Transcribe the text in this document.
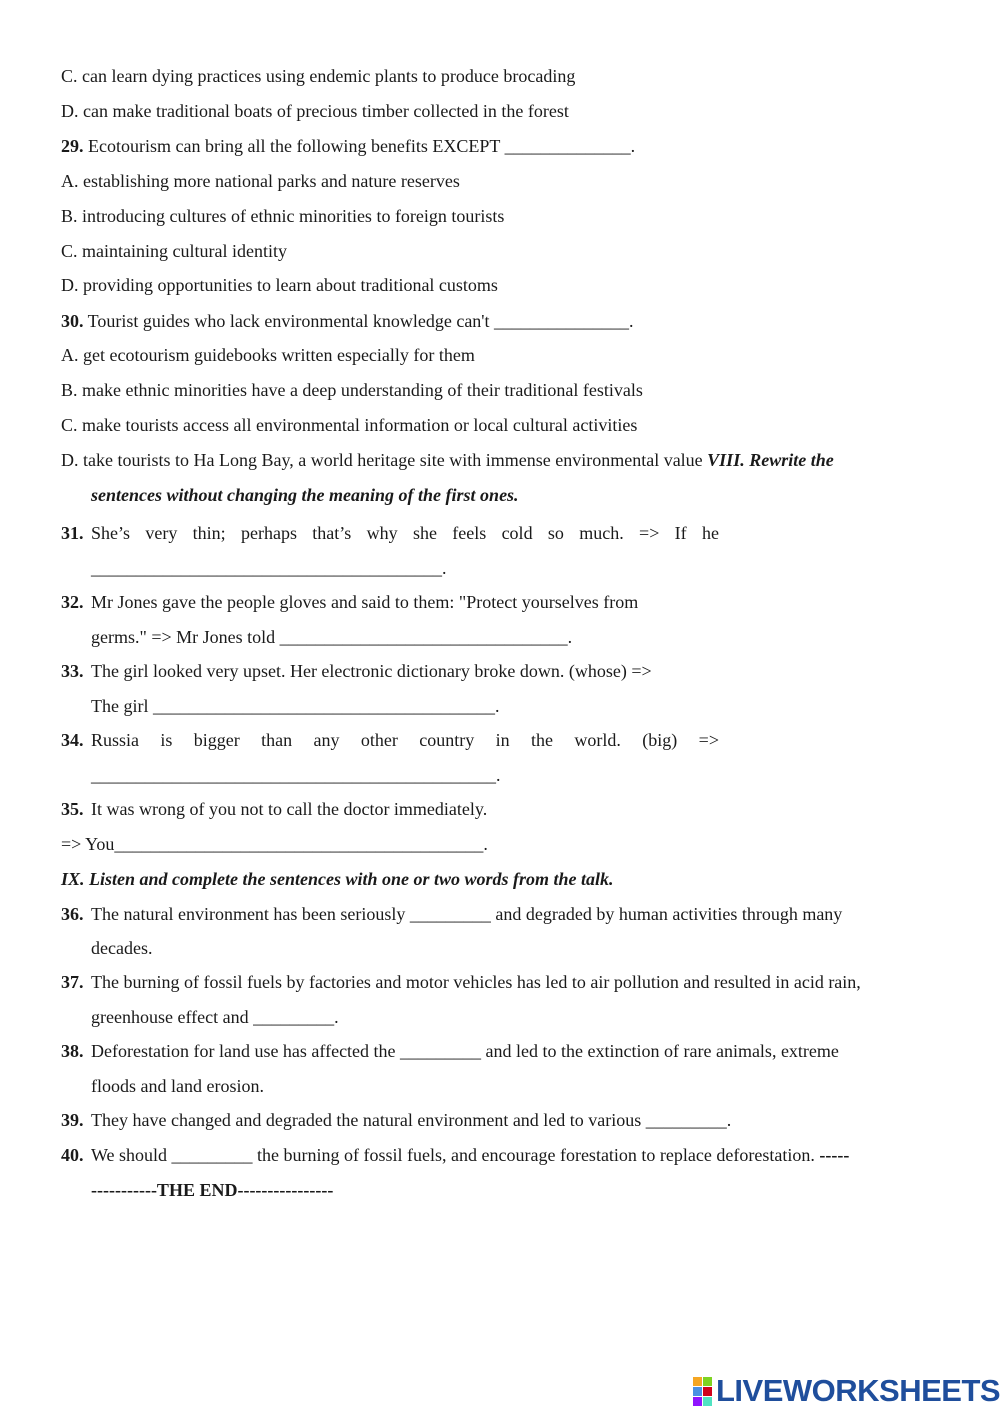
C. can learn dying practices using endemic plants to produce brocading
D. can make traditional boats of precious timber collected in the forest
29. Ecotourism can bring all the following benefits EXCEPT ______________.
A. establishing more national parks and nature reserves
B. introducing cultures of ethnic minorities to foreign tourists
C. maintaining cultural identity
D. providing opportunities to learn about traditional customs
30. Tourist guides who lack environmental knowledge can't _______________.
A. get ecotourism guidebooks written especially for them
B. make ethnic minorities have a deep understanding of their traditional festivals
C. make tourists access all environmental information or local cultural activities
D. take tourists to Ha Long Bay, a world heritage site with immense environmental value VIII. Rewrite the
sentences without changing the meaning of the first ones.
31. She’s very thin; perhaps that’s why she feels cold so much. => If he
_______________________________________.
32. Mr Jones gave the people gloves and said to them: "Protect yourselves from
germs." => Mr Jones told ________________________________.
33. The girl looked very upset. Her electronic dictionary broke down. (whose) =>
The girl ______________________________________.
34. Russia is bigger than any other country in the world. (big) =>
_____________________________________________.
35. It was wrong of you not to call the doctor immediately.
=> You_________________________________________.
IX. Listen and complete the sentences with one or two words from the talk.
36. The natural environment has been seriously _________ and degraded by human activities through many
decades.
37. The burning of fossil fuels by factories and motor vehicles has led to air pollution and resulted in acid rain,
greenhouse effect and _________.
38. Deforestation for land use has affected the _________ and led to the extinction of rare animals, extreme
floods and land erosion.
39. They have changed and degraded the natural environment and led to various _________.
40. We should _________ the burning of fossil fuels, and encourage forestation to replace deforestation. -----
-----------THE END----------------
LIVEWORKSHEETS
